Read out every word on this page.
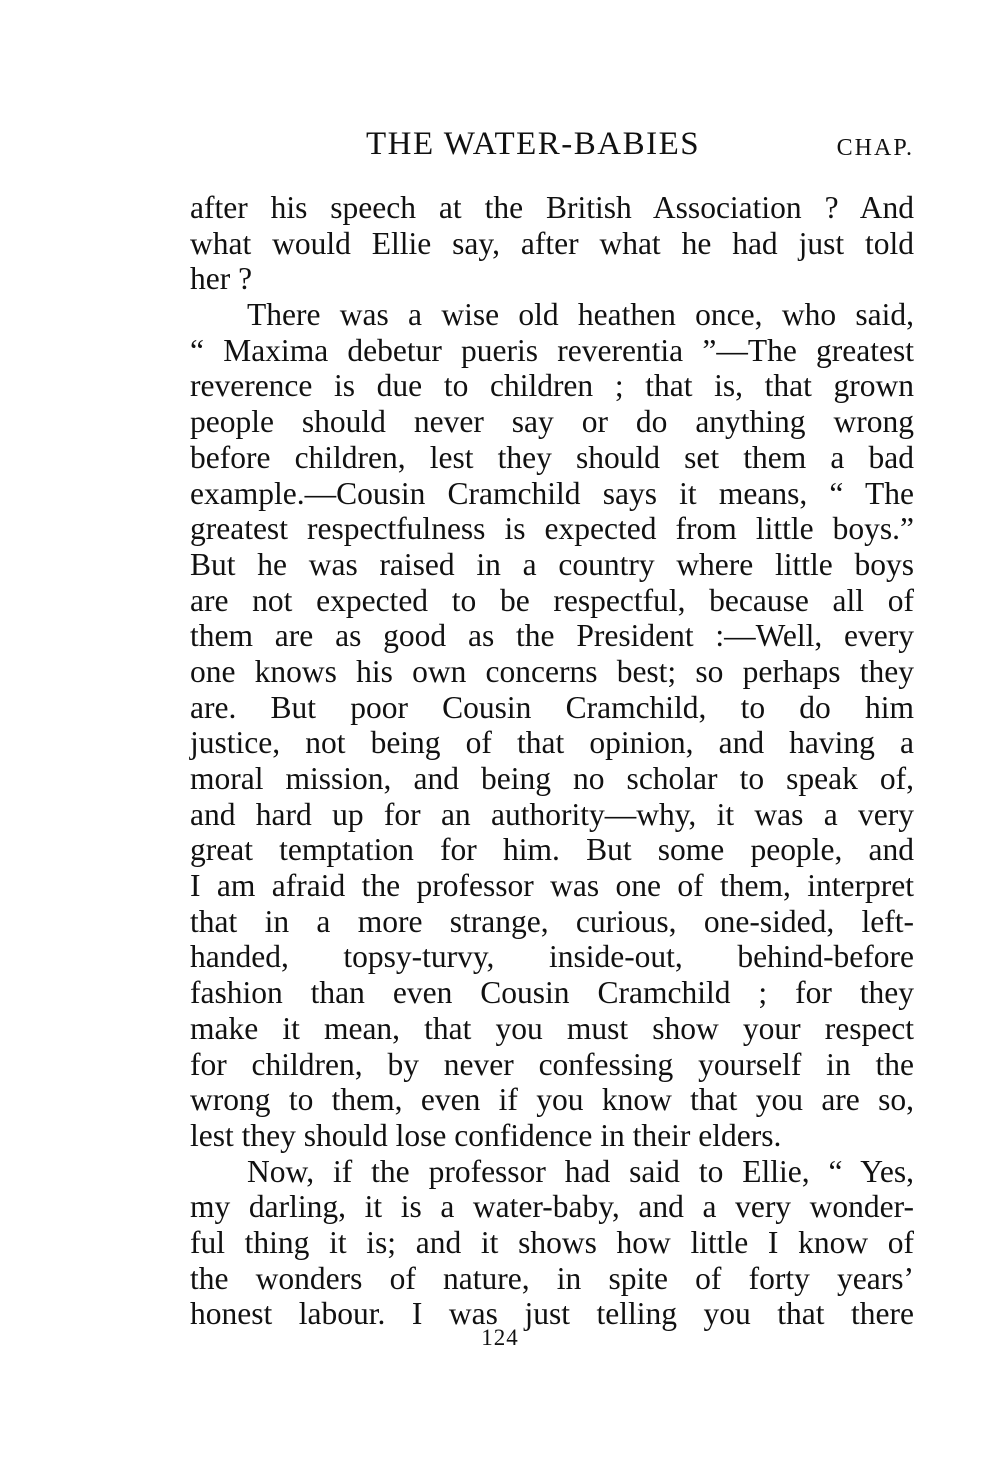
THE WATER-BABIES	CHAP.
after his speech at the British Association ? And
what would Ellie say, after what he had just told
her ?
There was a wise old heathen once, who said,
“ Maxima debetur pueris reverentia ”—The greatest
reverence is due to children ; that is, that grown
people should never say or do anything wrong
before children, lest they should set them a bad
example.—Cousin Cramchild says it means, “ The
greatest respectfulness is expected from little boys.”
But he was raised in a country where little boys
are not expected to be respectful, because all of
them are as good as the President :—Well, every
one knows his own concerns best; so perhaps they
are. But poor Cousin Cramchild, to do him
justice, not being of that opinion, and having a
moral mission, and being no scholar to speak of,
and hard up for an authority—why, it was a very
great temptation for him. But some people, and
I am afraid the professor was one of them, interpret
that in a more strange, curious, one-sided, left-
handed, topsy-turvy, inside-out, behind-before
fashion than even Cousin Cramchild ; for they
make it mean, that you must show your respect
for children, by never confessing yourself in the
wrong to them, even if you know that you are so,
lest they should lose confidence in their elders.
Now, if the professor had said to Ellie, “ Yes,
my darling, it is a water-baby, and a very wonder-
ful thing it is; and it shows how little I know of
the wonders of nature, in spite of forty years’
honest labour. I was just telling you that there
124
